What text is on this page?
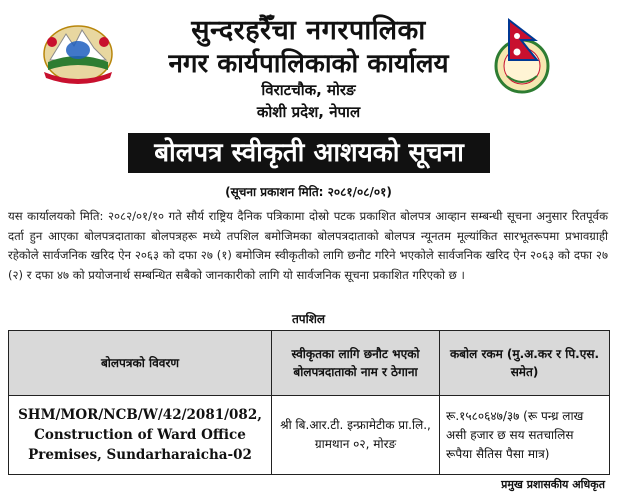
सुन्दरहरैँचा नगरपालिका
नगर कार्यपालिकाको कार्यालय
विराटचौक, मोरङ
कोशी प्रदेश, नेपाल
बोलपत्र स्वीकृती आशयको सूचना
(सूचना प्रकाशन मिति: २०८१/०८/०१)
यस कार्यालयको मिति: २०८२/०१/१० गते सौर्य राष्ट्रिय दैनिक पत्रिकामा दोस्रो पटक प्रकाशित बोलपत्र आव्हान सम्बन्धी सूचना अनुसार रितपूर्वक दर्ता हुन आएका बोलपत्रदाताका बोलपत्रहरू मध्ये तपशिल बमोजिमका बोलपत्रदाताको बोलपत्र न्यूनतम मूल्यांकित सारभूतरूपमा प्रभावग्राही रहेकोले सार्वजनिक खरिद ऐन २०६३ को दफा २७ (१) बमोजिम स्वीकृतीको लागि छनौट गरिने भएकोले सार्वजनिक खरिद ऐन २०६३ को दफा २७ (२) र दफा ४७ को प्रयोजनार्थ सम्बन्धित सबैको जानकारीको लागि यो सार्वजनिक सूचना प्रकाशित गरिएको छ ।
तपशिल
बोलपत्रको विवरण	स्वीकृतका लागि छनौट भएको बोलपत्रदाताको नाम र ठेगाना	कबोल रकम (मु.अ.कर र पि.एस. समेत)
SHM/MOR/NCB/W/42/2081/082, Construction of Ward Office Premises, Sundarharaicha-02	श्री बि.आर.टी. इन्फ्रामेटीक प्रा.लि., ग्रामथान ०२, मोरङ	रू.१५८०६४७/३७ (रू पन्ध्र लाख असी हजार छ सय सतचालिस रूपैया सैतिस पैसा मात्र)
प्रमुख प्रशासकीय अधिकृत
